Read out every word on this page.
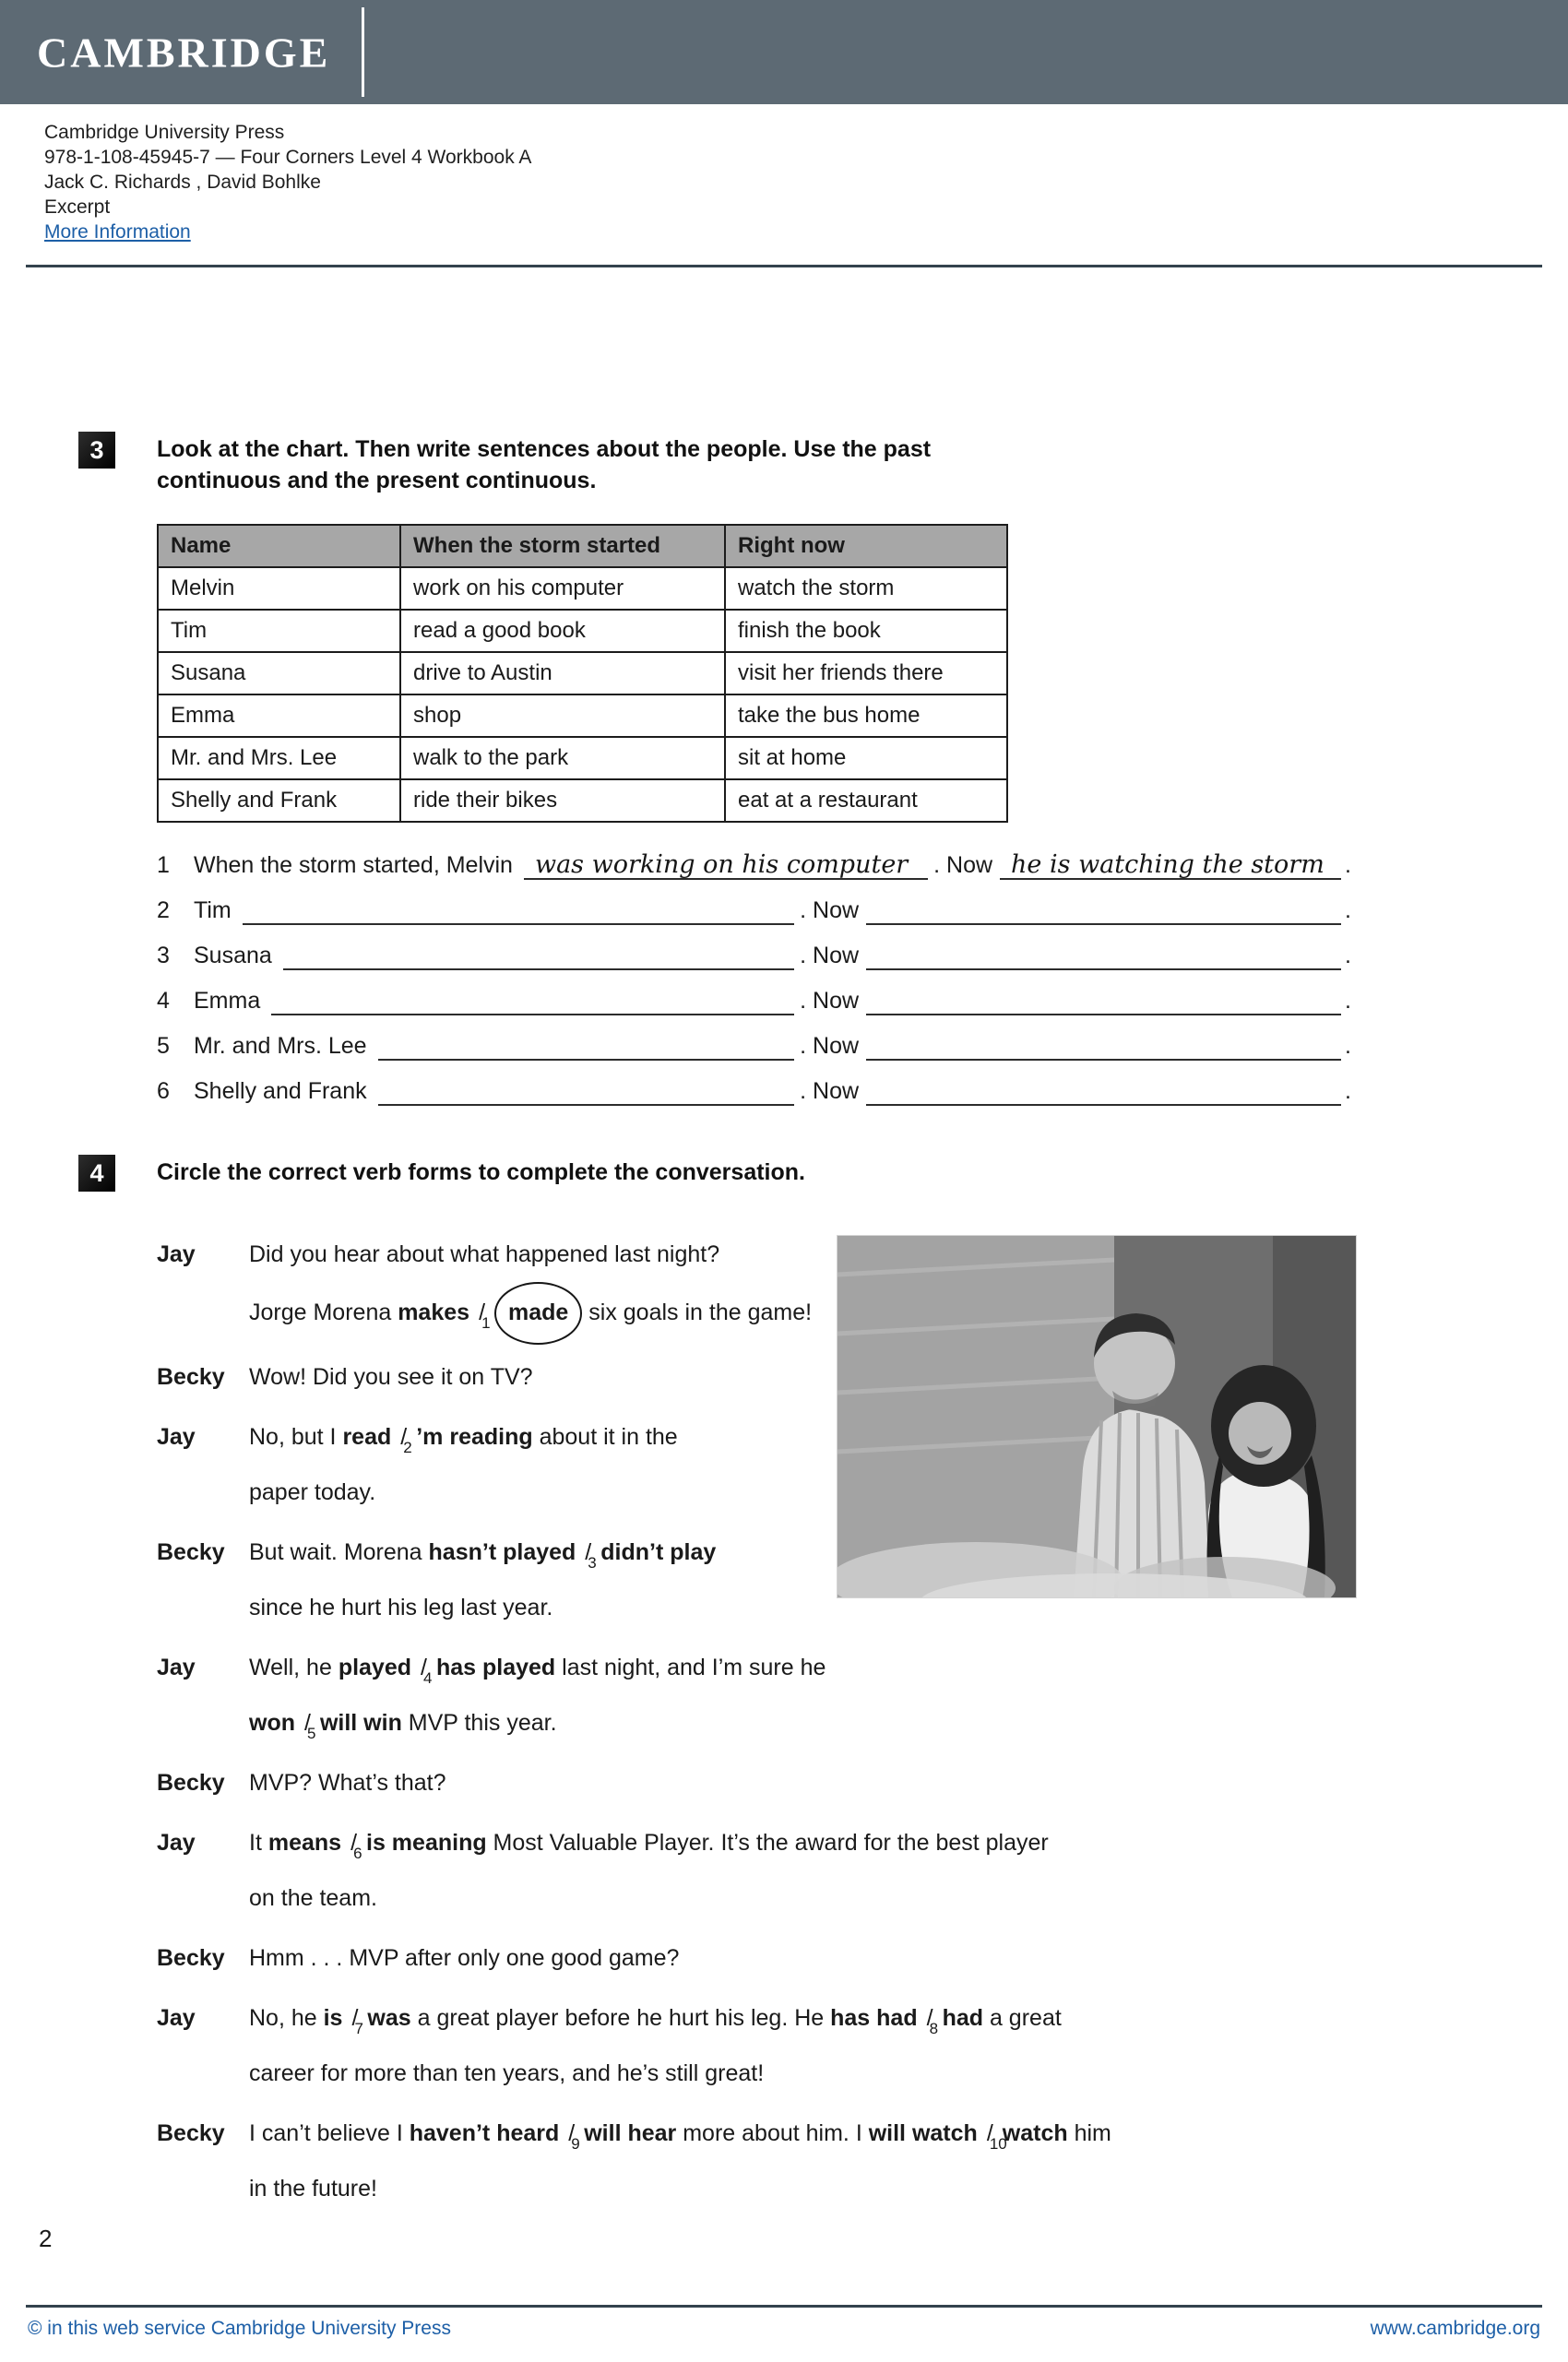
CAMBRIDGE
Cambridge University Press
978-1-108-45945-7 — Four Corners Level 4 Workbook A
Jack C. Richards , David Bohlke
Excerpt
More Information
3	Look at the chart. Then write sentences about the people. Use the past continuous and the present continuous.
Name	When the storm started	Right now
Melvin	work on his computer	watch the storm
Tim	read a good book	finish the book
Susana	drive to Austin	visit her friends there
Emma	shop	take the bus home
Mr. and Mrs. Lee	walk to the park	sit at home
Shelly and Frank	ride their bikes	eat at a restaurant
1	When the storm started, Melvin was working on his computer	. Now he is watching the storm .
2	Tim	. Now	.
3	Susana	. Now	.
4	Emma	. Now	.
5	Mr. and Mrs. Lee	. Now	.
6	Shelly and Frank	. Now	.
4	Circle the correct verb forms to complete the conversation.
Jay	Did you hear about what happened last night?
Jorge Morena makes /
1 made six goals in the game!
Becky	Wow! Did you see it on TV?
Jay	No, but I read /
2 ’m reading about it in the
paper today.
Becky	But wait. Morena hasn’t played /
3 didn’t play
since he hurt his leg last year.
Jay	Well, he played /
4 has played last night, and I’m sure he
won /
5 will win MVP this year.
Becky	MVP? What’s that?
Jay	It means /
6 is meaning Most Valuable Player. It’s the award for the best player
on the team.
Becky	Hmm . . . MVP after only one good game?
Jay	No, he is /
7 was a great player before he hurt his leg. He has had /
8 had a great
career for more than ten years, and he’s still great!
Becky	I can’t believe I haven’t heard /
9 will hear more about him. I will watch /
10
watch him
in the future!
2
© in this web service Cambridge University Press	www.cambridge.org
